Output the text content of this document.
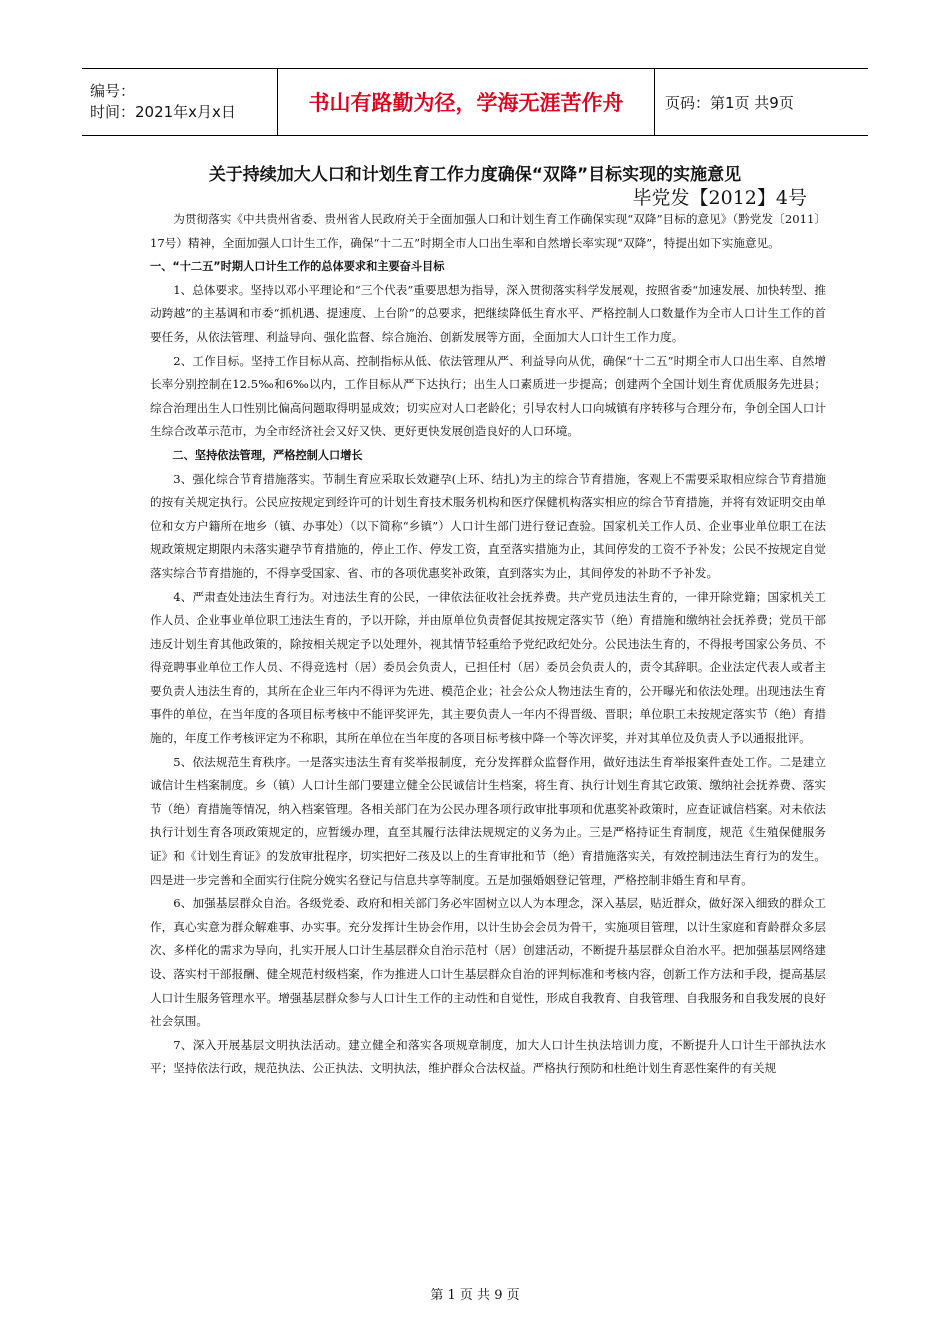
编号：
时间：2021年x月x日	书山有路勤为径，学海无涯苦作舟	页码：第1页 共9页
关于持续加大人口和计划生育工作力度确保“双降”目标实现的实施意见
毕党发【2012】4号

为贯彻落实《中共贵州省委、贵州省人民政府关于全面加强人口和计划生育工作确保实现“双降”目标的意见》（黔党发〔2011〕17号）精神，全面加强人口计生工作，确保“十二五”时期全市人口出生率和自然增长率实现“双降”，特提出如下实施意见。

一、“十二五”时期人口计生工作的总体要求和主要奋斗目标

1、总体要求。坚持以邓小平理论和“三个代表”重要思想为指导，深入贯彻落实科学发展观，按照省委“加速发展、加快转型、推动跨越”的主基调和市委“抓机遇、提速度、上台阶”的总要求，把继续降低生育水平、严格控制人口数量作为全市人口计生工作的首要任务，从依法管理、利益导向、强化监督、综合施治、创新发展等方面，全面加大人口计生工作力度。

2、工作目标。坚持工作目标从高、控制指标从低、依法管理从严、利益导向从优，确保“十二五”时期全市人口出生率、自然增长率分别控制在12.5‰和6‰以内，工作目标从严下达执行；出生人口素质进一步提高；创建两个全国计划生育优质服务先进县；综合治理出生人口性别比偏高问题取得明显成效；切实应对人口老龄化；引导农村人口向城镇有序转移与合理分布，争创全国人口计生综合改革示范市，为全市经济社会又好又快、更好更快发展创造良好的人口环境。

二、坚持依法管理，严格控制人口增长

3、强化综合节育措施落实。节制生育应采取长效避孕(上环、结扎)为主的综合节育措施，客观上不需要采取相应综合节育措施的按有关规定执行。公民应按规定到经许可的计划生育技术服务机构和医疗保健机构落实相应的综合节育措施，并将有效证明交由单位和女方户籍所在地乡（镇、办事处）（以下简称“乡镇”）人口计生部门进行登记查验。国家机关工作人员、企业事业单位职工在法规政策规定期限内未落实避孕节育措施的，停止工作、停发工资，直至落实措施为止，其间停发的工资不予补发；公民不按规定自觉落实综合节育措施的，不得享受国家、省、市的各项优惠奖补政策，直到落实为止，其间停发的补助不予补发。

4、严肃查处违法生育行为。对违法生育的公民，一律依法征收社会抚养费。共产党员违法生育的，一律开除党籍；国家机关工作人员、企业事业单位职工违法生育的，予以开除，并由原单位负责督促其按规定落实节（绝）育措施和缴纳社会抚养费；党员干部违反计划生育其他政策的，除按相关规定予以处理外，视其情节轻重给予党纪政纪处分。公民违法生育的，不得报考国家公务员、不得竞聘事业单位工作人员、不得竞选村（居）委员会负责人，已担任村（居）委员会负责人的，责令其辞职。企业法定代表人或者主要负责人违法生育的，其所在企业三年内不得评为先进、模范企业；社会公众人物违法生育的，公开曝光和依法处理。出现违法生育事件的单位，在当年度的各项目标考核中不能评奖评先，其主要负责人一年内不得晋级、晋职；单位职工未按规定落实节（绝）育措施的，年度工作考核评定为不称职，其所在单位在当年度的各项目标考核中降一个等次评奖，并对其单位及负责人予以通报批评。

5、依法规范生育秩序。一是落实违法生育有奖举报制度，充分发挥群众监督作用，做好违法生育举报案件查处工作。二是建立诚信计生档案制度。乡（镇）人口计生部门要建立健全公民诚信计生档案，将生育、执行计划生育其它政策、缴纳社会抚养费、落实节（绝）育措施等情况，纳入档案管理。各相关部门在为公民办理各项行政审批事项和优惠奖补政策时，应查证诚信档案。对未依法执行计划生育各项政策规定的，应暂缓办理，直至其履行法律法规规定的义务为止。三是严格持证生育制度，规范《生殖保健服务证》和《计划生育证》的发放审批程序，切实把好二孩及以上的生育审批和节（绝）育措施落实关，有效控制违法生育行为的发生。四是进一步完善和全面实行住院分娩实名登记与信息共享等制度。五是加强婚姻登记管理，严格控制非婚生育和早育。

6、加强基层群众自治。各级党委、政府和相关部门务必牢固树立以人为本理念，深入基层，贴近群众，做好深入细致的群众工作，真心实意为群众解难事、办实事。充分发挥计生协会作用，以计生协会会员为骨干，实施项目管理，以计生家庭和育龄群众多层次、多样化的需求为导向，扎实开展人口计生基层群众自治示范村（居）创建活动，不断提升基层群众自治水平。把加强基层网络建设、落实村干部报酬、健全规范村级档案，作为推进人口计生基层群众自治的评判标准和考核内容，创新工作方法和手段，提高基层人口计生服务管理水平。增强基层群众参与人口计生工作的主动性和自觉性，形成自我教育、自我管理、自我服务和自我发展的良好社会氛围。

7、深入开展基层文明执法活动。建立健全和落实各项规章制度，加大人口计生执法培训力度，不断提升人口计生干部执法水平；坚持依法行政，规范执法、公正执法、文明执法，维护群众合法权益。严格执行预防和杜绝计划生育恶性案件的有关规

第 1 页 共 9 页
